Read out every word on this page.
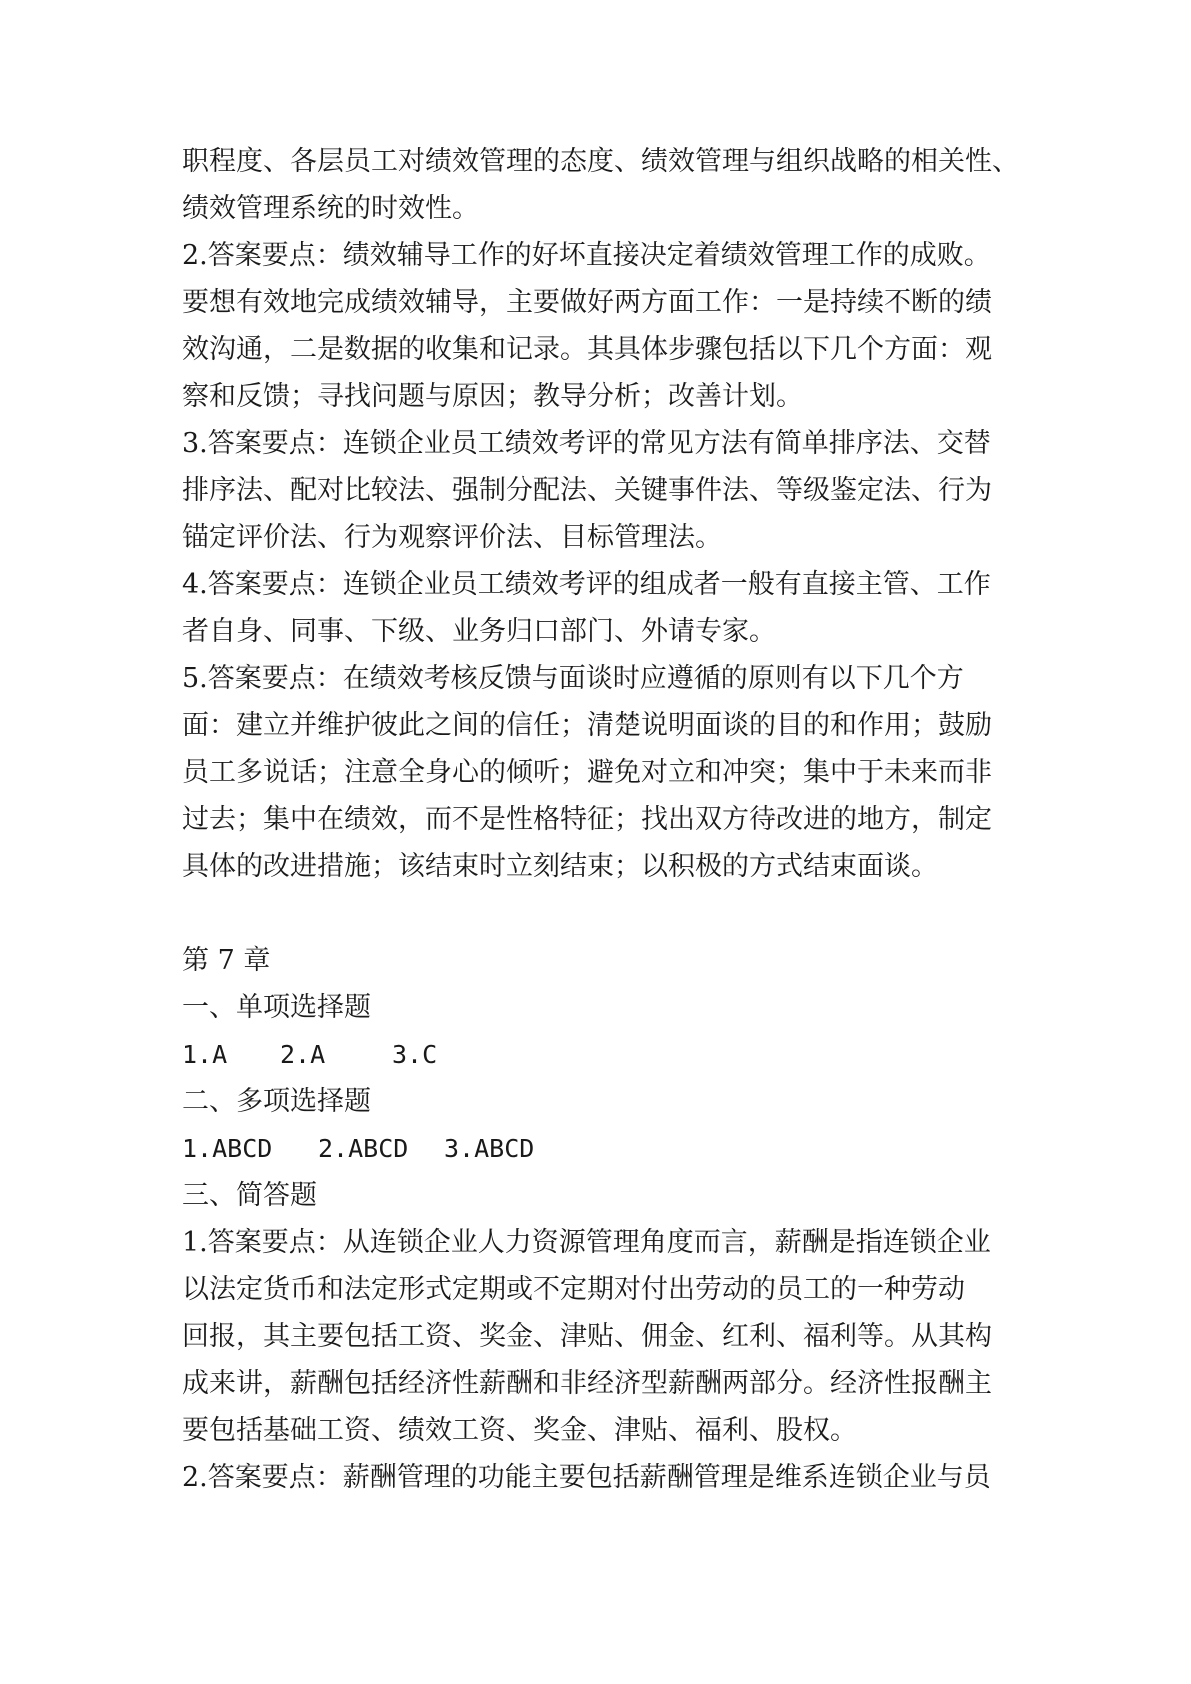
职程度、各层员工对绩效管理的态度、绩效管理与组织战略的相关性、
绩效管理系统的时效性。
2.答案要点：绩效辅导工作的好坏直接决定着绩效管理工作的成败。
要想有效地完成绩效辅导，主要做好两方面工作：一是持续不断的绩
效沟通，二是数据的收集和记录。其具体步骤包括以下几个方面：观
察和反馈；寻找问题与原因；教导分析；改善计划。
3.答案要点：连锁企业员工绩效考评的常见方法有简单排序法、交替
排序法、配对比较法、强制分配法、关键事件法、等级鉴定法、行为
锚定评价法、行为观察评价法、目标管理法。
4.答案要点：连锁企业员工绩效考评的组成者一般有直接主管、工作
者自身、同事、下级、业务归口部门、外请专家。
5.答案要点：在绩效考核反馈与面谈时应遵循的原则有以下几个方
面：建立并维护彼此之间的信任；清楚说明面谈的目的和作用；鼓励
员工多说话；注意全身心的倾听；避免对立和冲突；集中于未来而非
过去；集中在绩效，而不是性格特征；找出双方待改进的地方，制定
具体的改进措施；该结束时立刻结束；以积极的方式结束面谈。
第 7 章
一、单项选择题
1.A 2.A	3.C
二、多项选择题
1.ABCD 2.ABCD 3.ABCD
三、简答题
1.答案要点：从连锁企业人力资源管理角度而言，薪酬是指连锁企业
以法定货币和法定形式定期或不定期对付出劳动的员工的一种劳动
回报，其主要包括工资、奖金、津贴、佣金、红利、福利等。从其构
成来讲，薪酬包括经济性薪酬和非经济型薪酬两部分。经济性报酬主
要包括基础工资、绩效工资、奖金、津贴、福利、股权。
2.答案要点：薪酬管理的功能主要包括薪酬管理是维系连锁企业与员
